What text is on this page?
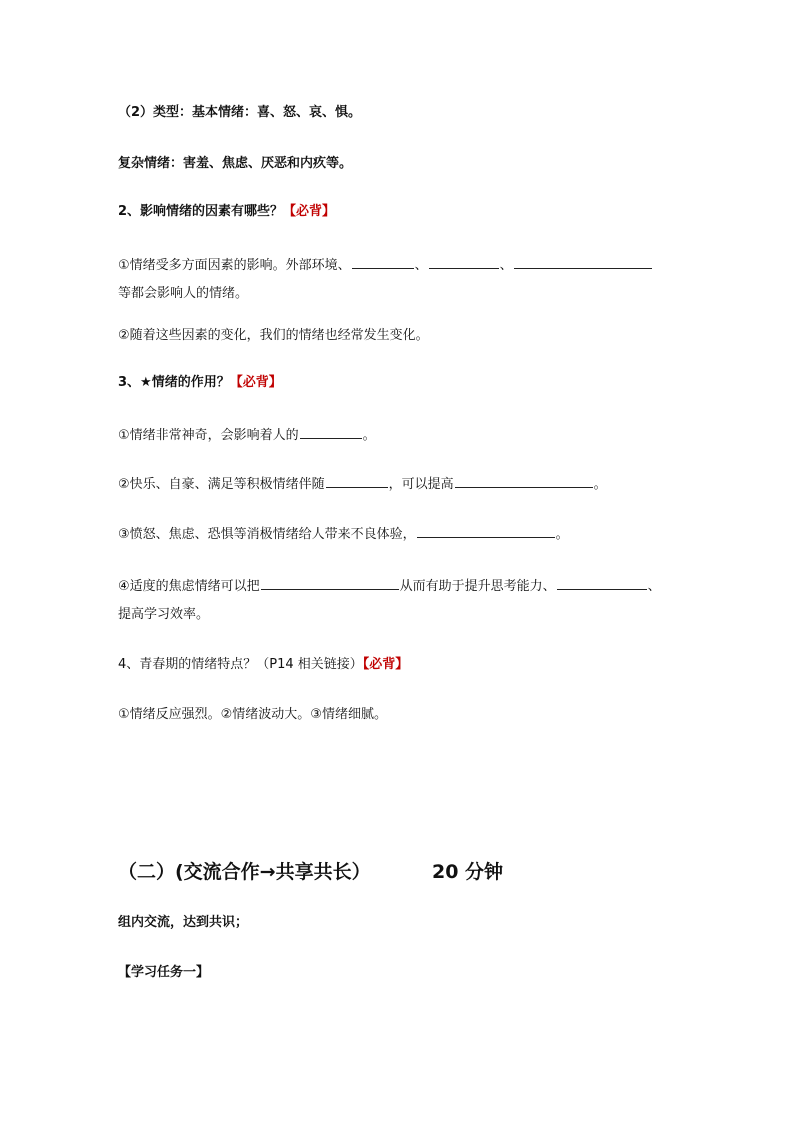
（2）类型：基本情绪：喜、怒、哀、惧。
复杂情绪：害羞、焦虑、厌恶和内疚等。
2、影响情绪的因素有哪些？【必背】
①情绪受多方面因素的影响。外部环境、	、	、
等都会影响人的情绪。
②随着这些因素的变化，我们的情绪也经常发生变化。
3、★情绪的作用？【必背】
①情绪非常神奇，会影响着人的	。
②快乐、自豪、满足等积极情绪伴随	，可以提高	。
③愤怒、焦虑、恐惧等消极情绪给人带来不良体验，	。
④适度的焦虑情绪可以把	从而有助于提升思考能力、	、
提高学习效率。
4、青春期的情绪特点？（P14 相关链接）【必背】
①情绪反应强烈。②情绪波动大。③情绪细腻。
（二）(交流合作→共享共长）	20 分钟
组内交流，达到共识；
【学习任务一】
